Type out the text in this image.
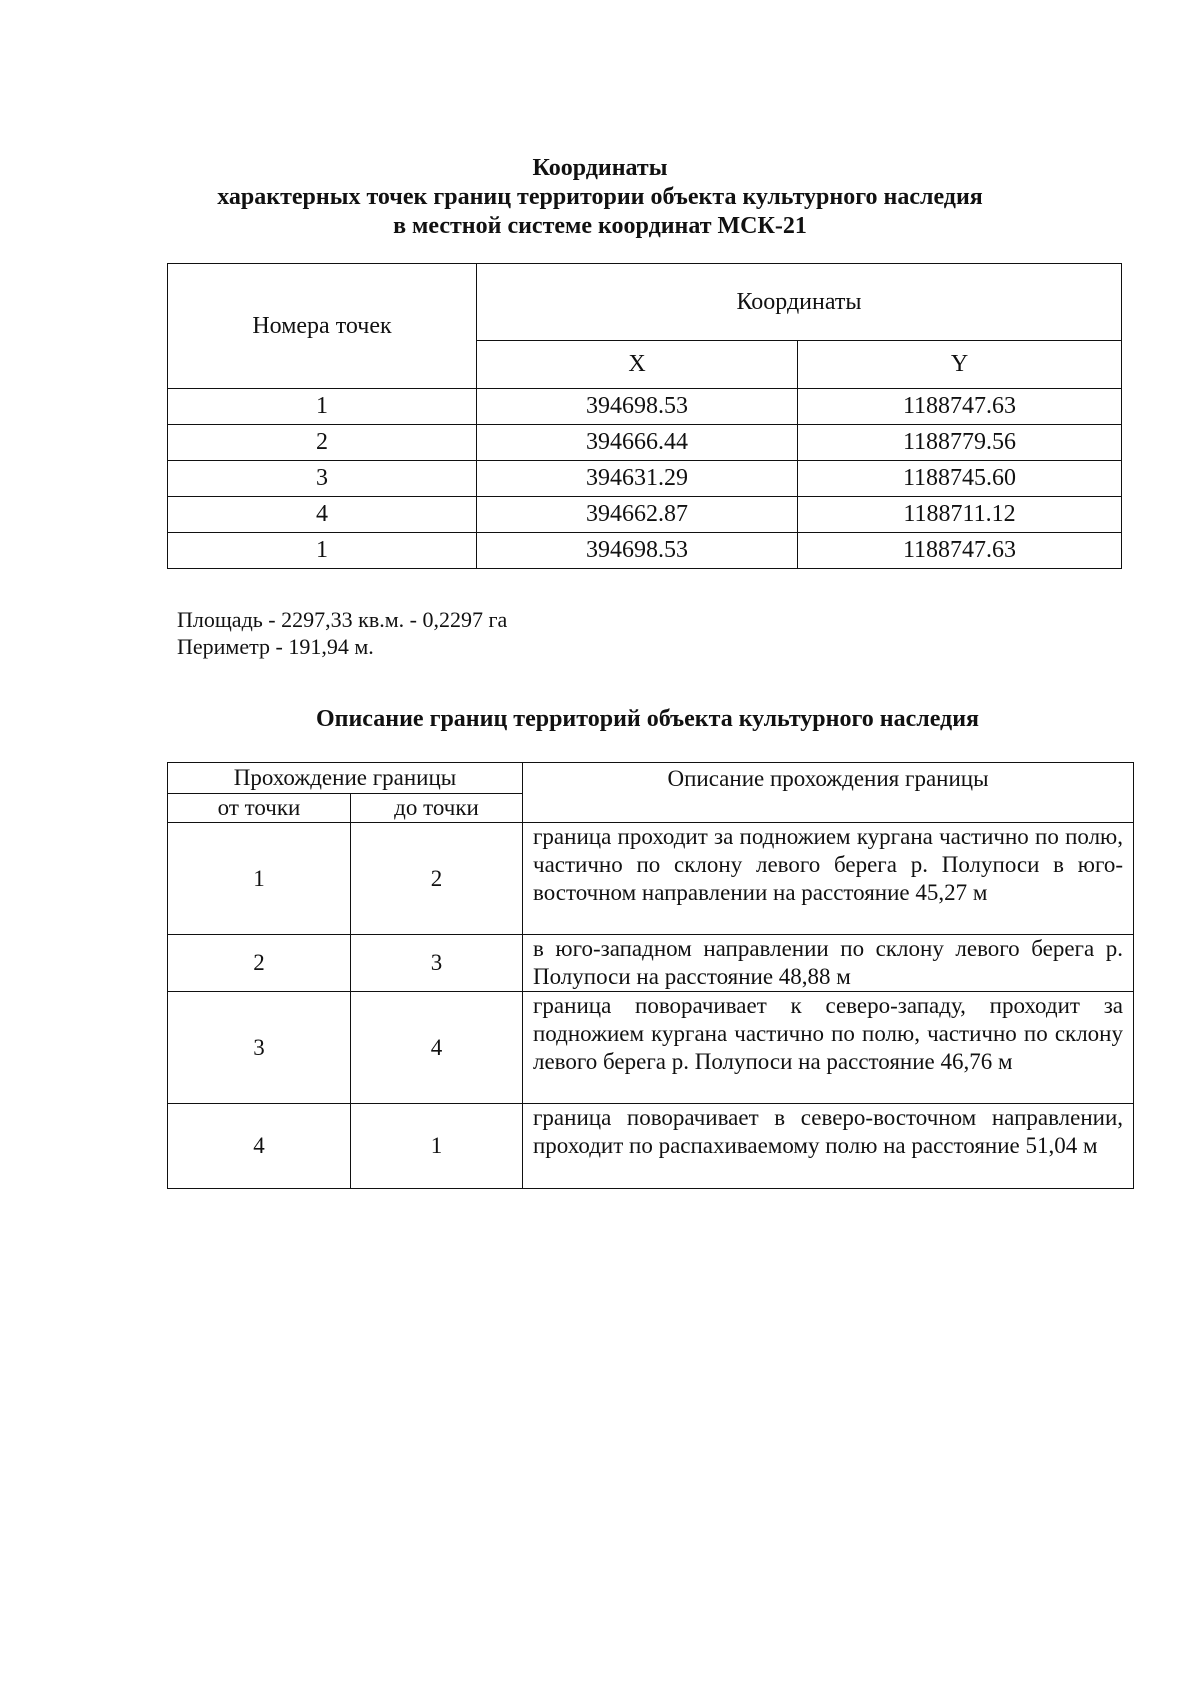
Координаты
характерных точек границ территории объекта культурного наследия
в местной системе координат МСК-21
Номера точек	Координаты	
	X	Y
1	394698.53	1188747.63
2	394666.44	1188779.56
3	394631.29	1188745.60
4	394662.87	1188711.12
1	394698.53	1188747.63
Площадь - 2297,33 кв.м. - 0,2297 га
Периметр - 191,94 м.
Описание границ территорий объекта культурного наследия
Прохождение границы		Описание прохождения границы
от точки	до точки	
1	2	граница проходит за подножием кургана частично по полю, частично по склону левого берега р. Полупоси в юго-восточном направлении на расстояние 45,27 м
2	3	в юго-западном направлении по склону левого берега р. Полупоси на расстояние 48,88 м
3	4	граница поворачивает к северо-западу, проходит за подножием кургана частично по полю, частично по склону левого берега р. Полупоси на расстояние 46,76 м
4	1	граница поворачивает в северо-восточном направлении, проходит по распахиваемому полю на расстояние 51,04 м
